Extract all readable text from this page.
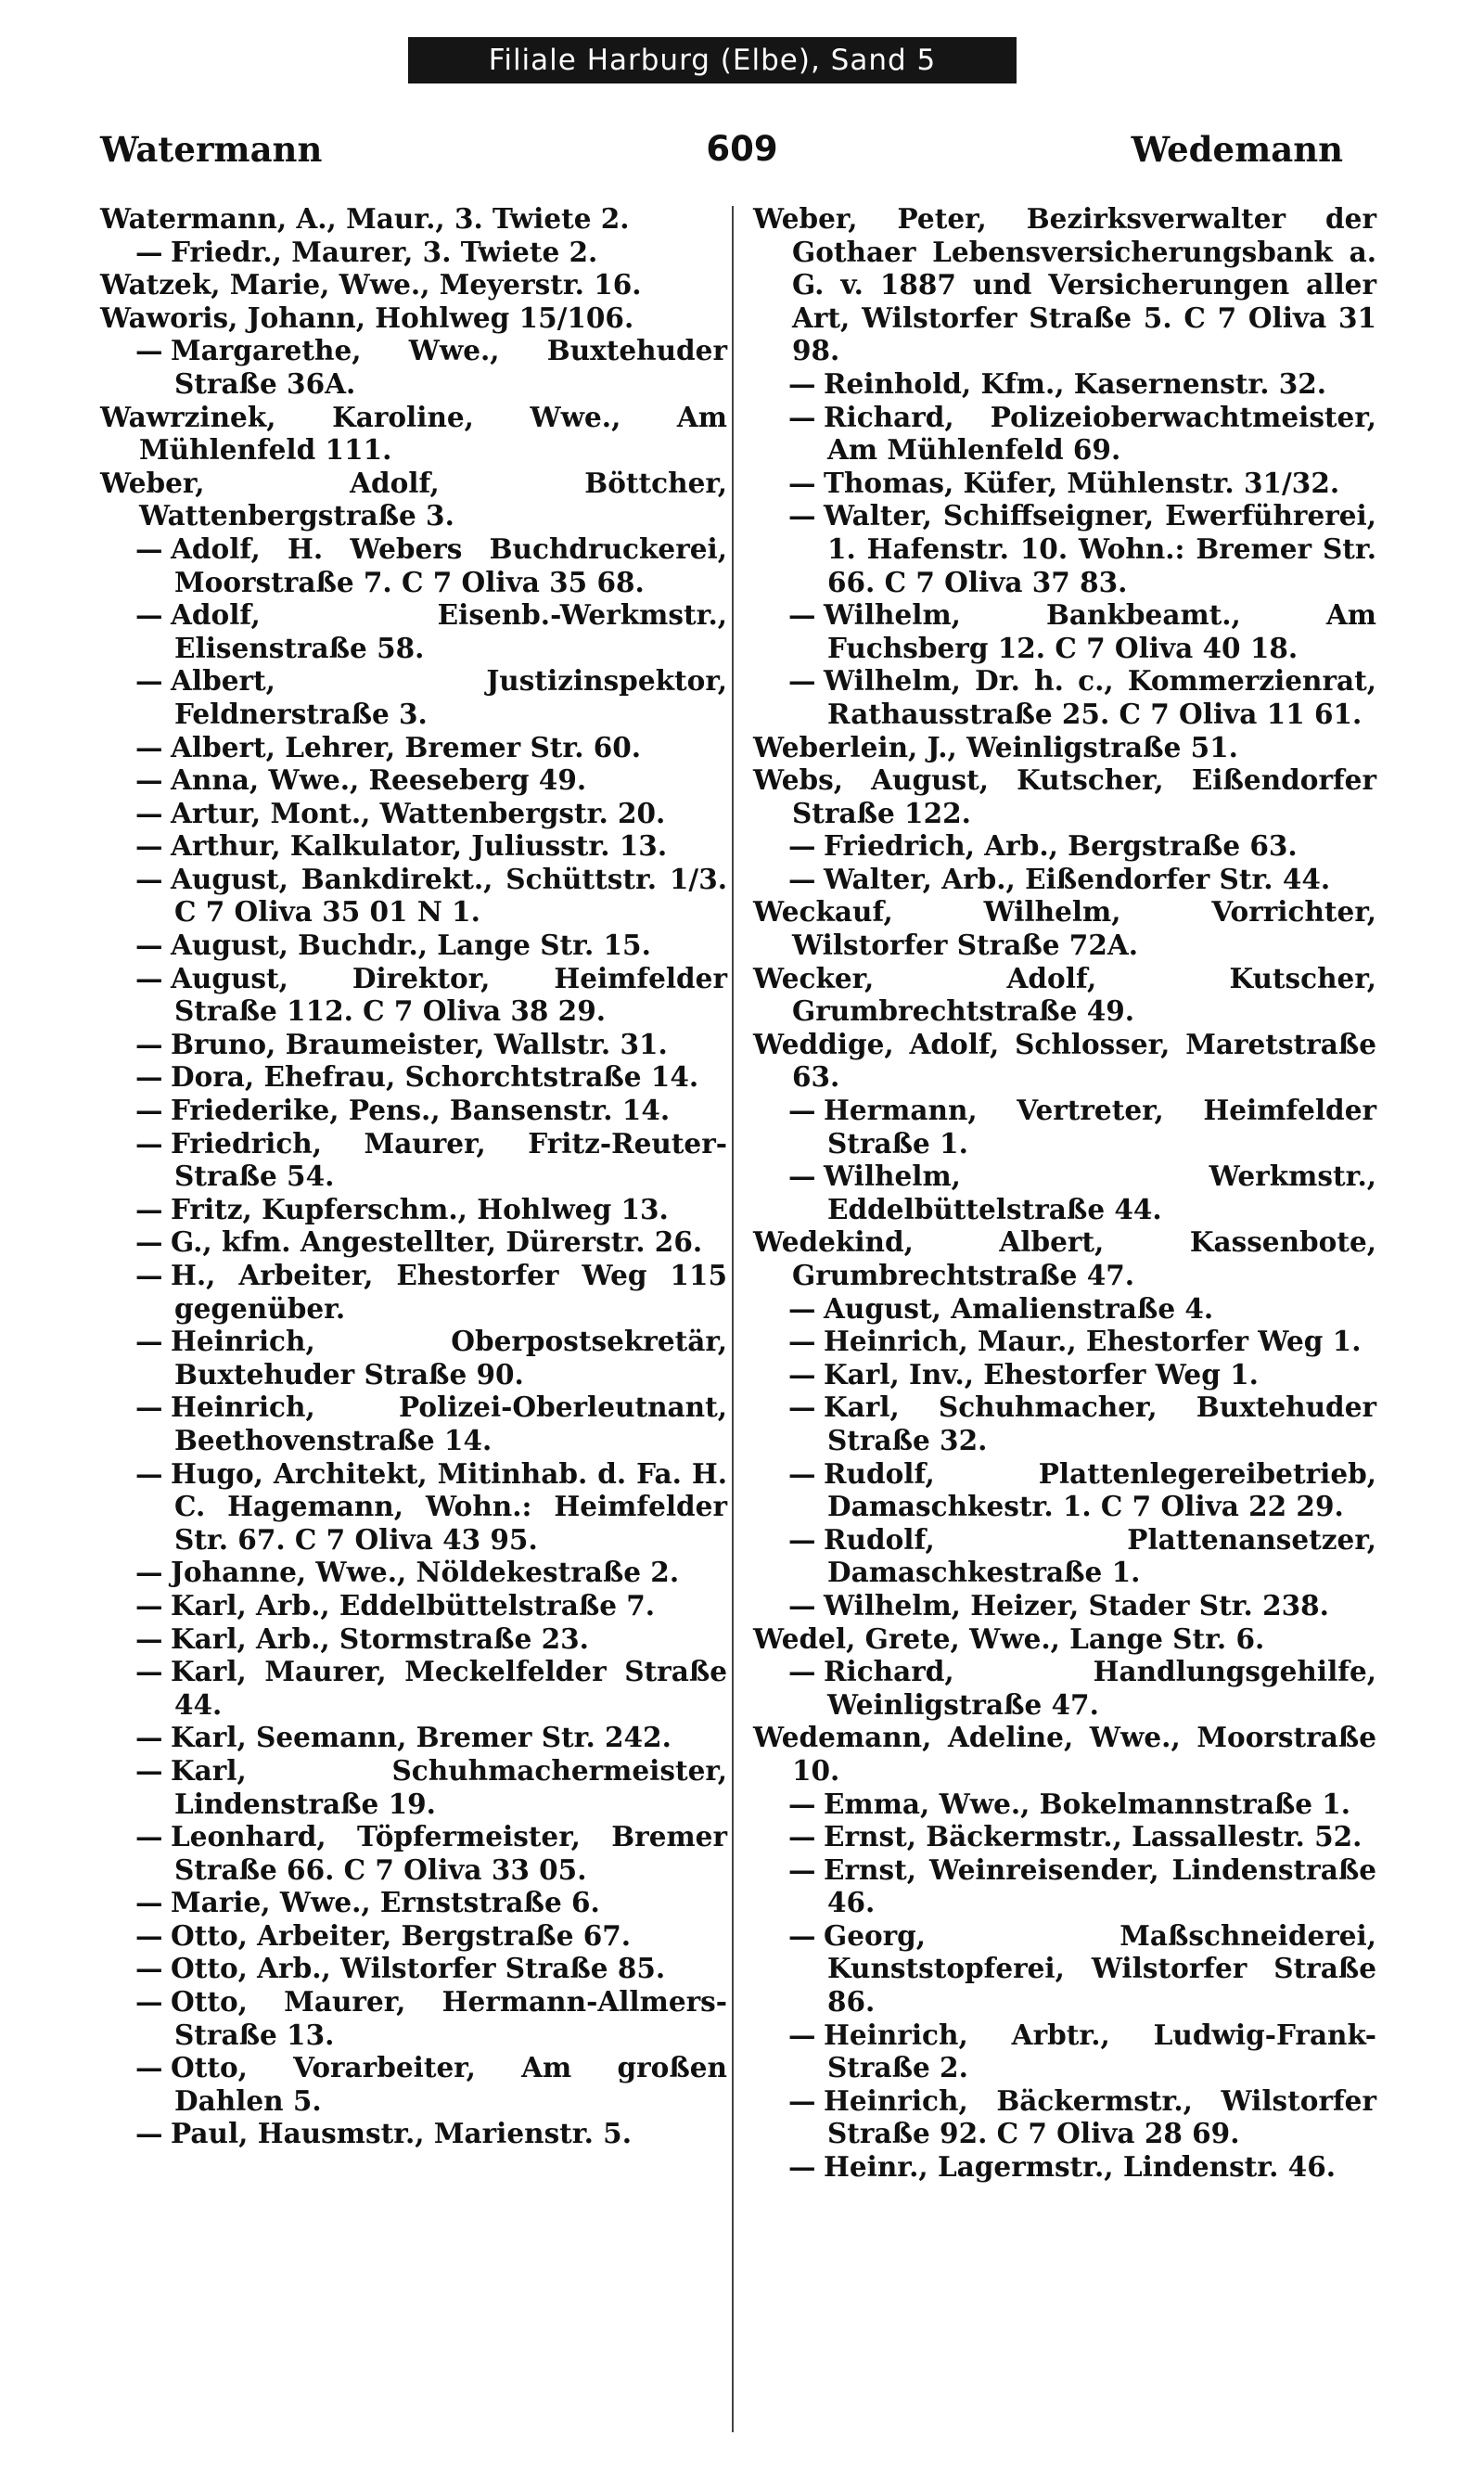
Filiale Harburg (Elbe), Sand 5
Watermann	609	Wedemann
Watermann, A., Maur., 3. Twiete 2.
— Friedr., Maurer, 3. Twiete 2.
Watzek, Marie, Wwe., Meyerstr. 16.
Waworis, Johann, Hohlweg 15/106.
— Margarethe, Wwe., Buxtehuder Straße 36A.
Wawrzinek, Karoline, Wwe., Am Mühlenfeld 111.
Weber, Adolf, Böttcher, Wattenbergstraße 3.
— Adolf, H. Webers Buchdruckerei, Moorstraße 7. C 7 Oliva 35 68.
— Adolf, Eisenb.-Werkmstr., Elisenstraße 58.
— Albert, Justizinspektor, Feldnerstraße 3.
— Albert, Lehrer, Bremer Str. 60.
— Anna, Wwe., Reeseberg 49.
— Artur, Mont., Wattenbergstr. 20.
— Arthur, Kalkulator, Juliusstr. 13.
— August, Bankdirekt., Schüttstr. 1/3. C 7 Oliva 35 01 N 1.
— August, Buchdr., Lange Str. 15.
— August, Direktor, Heimfelder Straße 112. C 7 Oliva 38 29.
— Bruno, Braumeister, Wallstr. 31.
— Dora, Ehefrau, Schorchtstraße 14.
— Friederike, Pens., Bansenstr. 14.
— Friedrich, Maurer, Fritz-Reuter-Straße 54.
— Fritz, Kupferschm., Hohlweg 13.
— G., kfm. Angestellter, Dürerstr. 26.
— H., Arbeiter, Ehestorfer Weg 115 gegenüber.
— Heinrich, Oberpostsekretär, Buxtehuder Straße 90.
— Heinrich, Polizei-Oberleutnant, Beethovenstraße 14.
— Hugo, Architekt, Mitinhab. d. Fa. H. C. Hagemann, Wohn.: Heimfelder Str. 67. C 7 Oliva 43 95.
— Johanne, Wwe., Nöldekestraße 2.
— Karl, Arb., Eddelbüttelstraße 7.
— Karl, Arb., Stormstraße 23.
— Karl, Maurer, Meckelfelder Straße 44.
— Karl, Seemann, Bremer Str. 242.
— Karl, Schuhmachermeister, Lindenstraße 19.
— Leonhard, Töpfermeister, Bremer Straße 66. C 7 Oliva 33 05.
— Marie, Wwe., Ernststraße 6.
— Otto, Arbeiter, Bergstraße 67.
— Otto, Arb., Wilstorfer Straße 85.
— Otto, Maurer, Hermann-Allmers-Straße 13.
— Otto, Vorarbeiter, Am großen Dahlen 5.
— Paul, Hausmstr., Marienstr. 5.
Weber, Peter, Bezirksverwalter der Gothaer Lebensversicherungsbank a. G. v. 1887 und Versicherungen aller Art, Wilstorfer Straße 5. C 7 Oliva 31 98.
— Reinhold, Kfm., Kasernenstr. 32.
— Richard, Polizeioberwachtmeister, Am Mühlenfeld 69.
— Thomas, Küfer, Mühlenstr. 31/32.
— Walter, Schiffseigner, Ewerführerei, 1. Hafenstr. 10. Wohn.: Bremer Str. 66. C 7 Oliva 37 83.
— Wilhelm, Bankbeamt., Am Fuchsberg 12. C 7 Oliva 40 18.
— Wilhelm, Dr. h. c., Kommerzienrat, Rathausstraße 25. C 7 Oliva 11 61.
Weberlein, J., Weinligstraße 51.
Webs, August, Kutscher, Eißendorfer Straße 122.
— Friedrich, Arb., Bergstraße 63.
— Walter, Arb., Eißendorfer Str. 44.
Weckauf, Wilhelm, Vorrichter, Wilstorfer Straße 72A.
Wecker, Adolf, Kutscher, Grumbrechtstraße 49.
Weddige, Adolf, Schlosser, Maretstraße 63.
— Hermann, Vertreter, Heimfelder Straße 1.
— Wilhelm, Werkmstr., Eddelbüttelstraße 44.
Wedekind, Albert, Kassenbote, Grumbrechtstraße 47.
— August, Amalienstraße 4.
— Heinrich, Maur., Ehestorfer Weg 1.
— Karl, Inv., Ehestorfer Weg 1.
— Karl, Schuhmacher, Buxtehuder Straße 32.
— Rudolf, Plattenlegereibetrieb, Damaschkestr. 1. C 7 Oliva 22 29.
— Rudolf, Plattenansetzer, Damaschkestraße 1.
— Wilhelm, Heizer, Stader Str. 238.
Wedel, Grete, Wwe., Lange Str. 6.
— Richard, Handlungsgehilfe, Weinligstraße 47.
Wedemann, Adeline, Wwe., Moorstraße 10.
— Emma, Wwe., Bokelmannstraße 1.
— Ernst, Bäckermstr., Lassallestr. 52.
— Ernst, Weinreisender, Lindenstraße 46.
— Georg, Maßschneiderei, Kunststopferei, Wilstorfer Straße 86.
— Heinrich, Arbtr., Ludwig-Frank-Straße 2.
— Heinrich, Bäckermstr., Wilstorfer Straße 92. C 7 Oliva 28 69.
— Heinr., Lagermstr., Lindenstr. 46.
